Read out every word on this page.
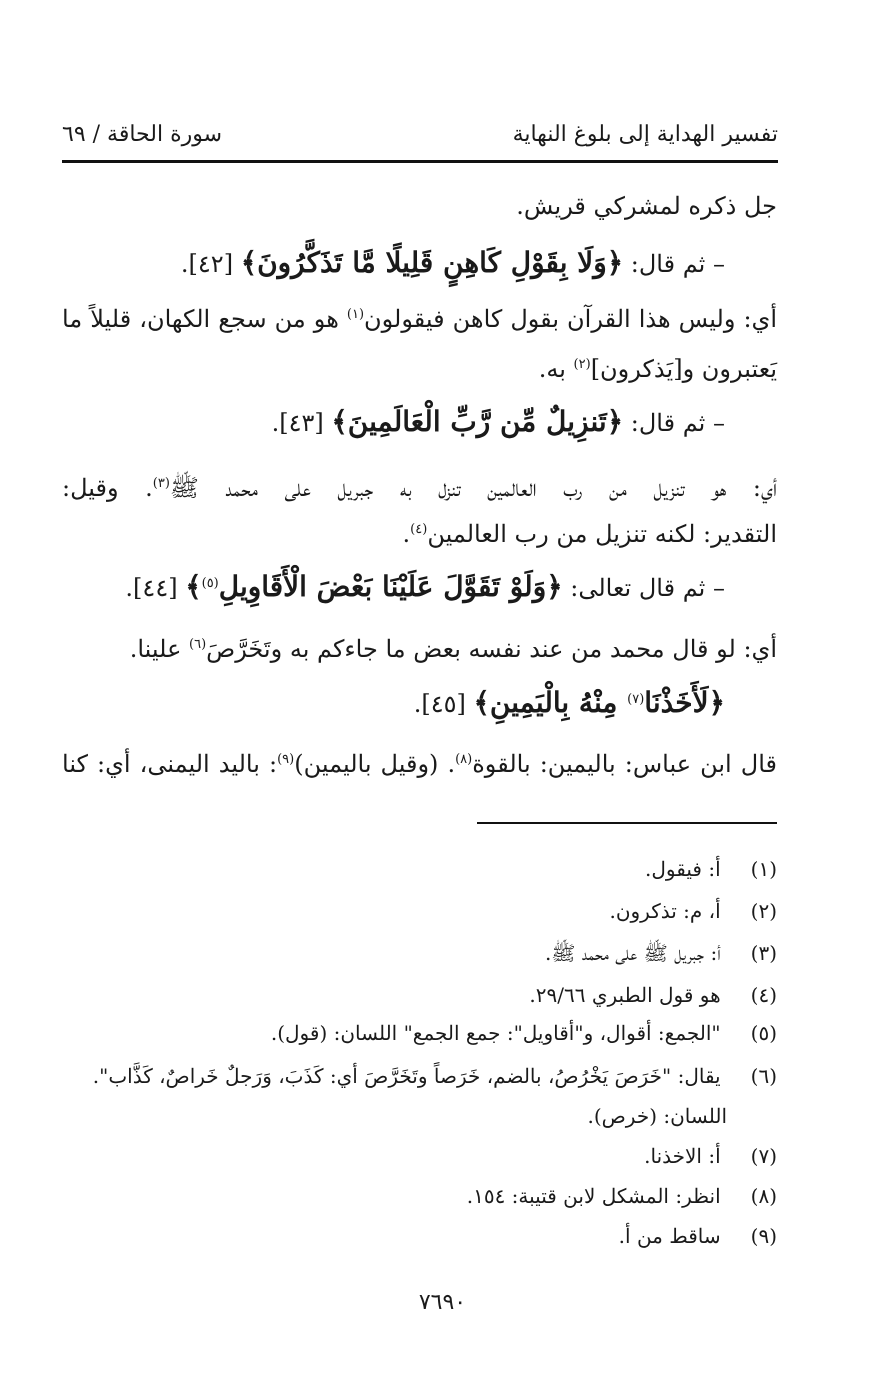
تفسير الهداية إلى بلوغ النهاية
سورة الحاقة / ٦٩
جل ذكره لمشركي قريش.
– ثم قال: ﴿وَلَا بِقَوْلِ كَاهِنٍ قَلِيلًا مَّا تَذَكَّرُونَ﴾ [٤٢].
أي: وليس هذا القرآن بقول كاهن فيقولون$^{(١)}$ هو من سجع الكهان، قليلاً ما
يَعتبرون و[يَذكرون]$^{(٢)}$ به.
– ثم قال: ﴿تَنزِيلٌ مِّن رَّبِّ الْعَالَمِينَ﴾ [٤٣].
أي: هو تنزيل من رب العالمين تنزل به جبريل على محمد ﷺ$^{(٣)}$. وقيل:
التقدير: لكنه تنزيل من رب العالمين$^{(٤)}$.
– ثم قال تعالى: ﴿وَلَوْ تَقَوَّلَ عَلَيْنَا بَعْضَ الْأَقَاوِيلِ$^{(٥)}$﴾ [٤٤].
أي: لو قال محمد من عند نفسه بعض ما جاءكم به وتَخَرَّصَ$^{(٦)}$ علينا.
﴿لَأَخَذْنَا$^{(٧)}$ مِنْهُ بِالْيَمِينِ﴾ [٤٥].
قال ابن عباس: باليمين: بالقوة$^{(٨)}$. (وقيل باليمين)$^{(٩)}$: باليد اليمنى، أي: كنا
(١) أ: فيقول.
(٢) أ، م: تذكرون.
(٣) أ: جبريل ﷺ على محمد ﷺ.
(٤) هو قول الطبري ٢٩/٦٦.
(٥) "الجمع: أقوال، و"أقاويل": جمع الجمع" اللسان: (قول).
(٦) يقال: "خَرَصَ يَخْرُصُ، بالضم، خَرَصاً وتَخَرَّصَ أي: كَذَبَ، وَرَجلٌ خَراصٌ، كَذَّاب".
اللسان: (خرص).
(٧) أ: الاخذنا.
(٨) انظر: المشكل لابن قتيبة: ١٥٤.
(٩) ساقط من أ.
٧٦٩٠
